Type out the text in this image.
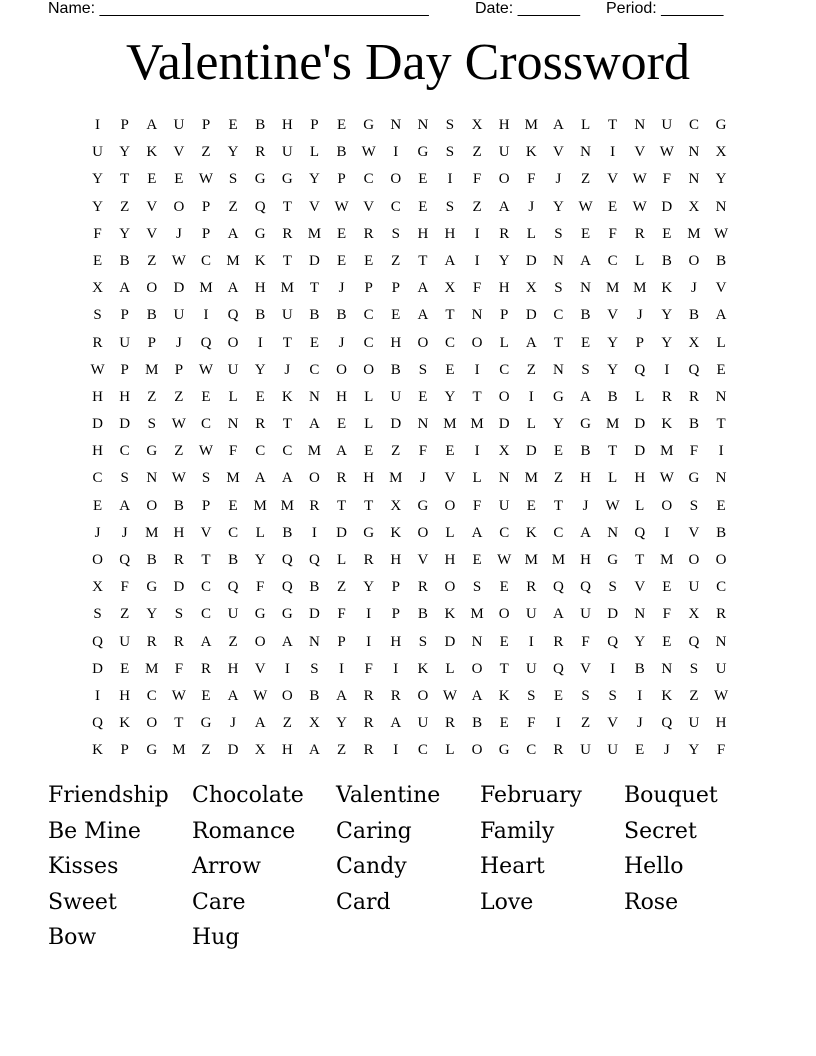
Name: _____________________________________	Date: _______ Period: _______
Valentine's Day Crossword
I	P	A	U	P	E	B	H	P	E	G	N	N	S	X	H	M	A	L	T	N	U	C	G
U	Y	K	V	Z	Y	R	U	L	B	W	I	G	S	Z	U	K	V	N	I	V W N	X
Y	T	E	E	W	S	G	G	Y	P	C	O	E	I	F	O	F	J	Z	V W	F	N	Y
Y	Z	V	O	P	Z	Q	T	V W V	C	E	S	Z	A	J	Y W	E	W D	X	N
F	Y	V	J	P	A	G	R	M	E	R	S	H	H	I	R	L	S	E	F	R	E	M W
E	B	Z	W	C	M	K	T	D	E	E	Z	T	A	I	Y	D	N	A	C	L	B	O	B
X	A	O	D	M	A	H	M	T	J	P	P	A	X	F	H	X	S	N	M M	K	J	V
S	P	B	U	I	Q	B	U	B	B	C	E	A	T	N	P	D	C	B	V	J	Y	B	A
R	U	P	J	Q	O	I	T	E	J	C	H	O	C	O	L	A	T	E	Y	P	Y	X	L
W	P	M	P	W U	Y	J	C	O	O	B	S	E	I	C	Z	N	S	Y	Q	I	Q	E
H	H	Z	Z	E	L	E	K	N	H	L	U	E	Y	T	O	I	G	A	B	L	R	R	N
D	D	S	W	C	N	R	T	A	E	L	D	N	M M	D	L	Y	G	M	D	K	B	T
H	C	G	Z	W	F	C	C	M	A	E	Z	F	E	I	X	D	E	B	T	D	M	F	I
C	S	N W	S	M	A	A	O	R	H	M	J	V	L	N	M	Z	H	L	H W G	N
E	A	O	B	P	E	M M	R	T	T	X	G	O	F	U	E	T	J	W	L	O	S	E
J	J	M	H	V	C	L	B	I	D	G	K	O	L	A	C	K	C	A	N	Q	I	V	B
O	Q	B	R	T	B	Y	Q	Q	L	R	H	V	H	E	W M M	H	G	T	M	O	O
X	F	G	D	C	Q	F	Q	B	Z	Y	P	R	O	S	E	R	Q	Q	S	V	E	U	C
S	Z	Y	S	C	U	G	G	D	F	I	P	B	K	M	O	U	A	U	D	N	F	X	R
Q	U	R	R	A	Z	O	A	N	P	I	H	S	D	N	E	I	R	F	Q	Y	E	Q	N
D	E	M	F	R	H	V	I	S	I	F	I	K	L	O	T	U	Q	V	I	B	N	S	U
I	H	C	W	E	A W O	B	A	R	R	O W A	K	S	E	S	S	I	K	Z	W
Q	K	O	T	G	J	A	Z	X	Y	R	A	U	R	B	E	F	I	Z	V	J	Q	U	H
K	P	G	M	Z	D	X	H	A	Z	R	I	C	L	O	G	C	R	U	U	E	J	Y	F
Friendship	Chocolate	Valentine	February	Bouquet
Be Mine	Romance	Caring	Family	Secret
Kisses	Arrow	Candy	Heart	Hello
Sweet	Care	Card	Love	Rose
Bow	Hug
